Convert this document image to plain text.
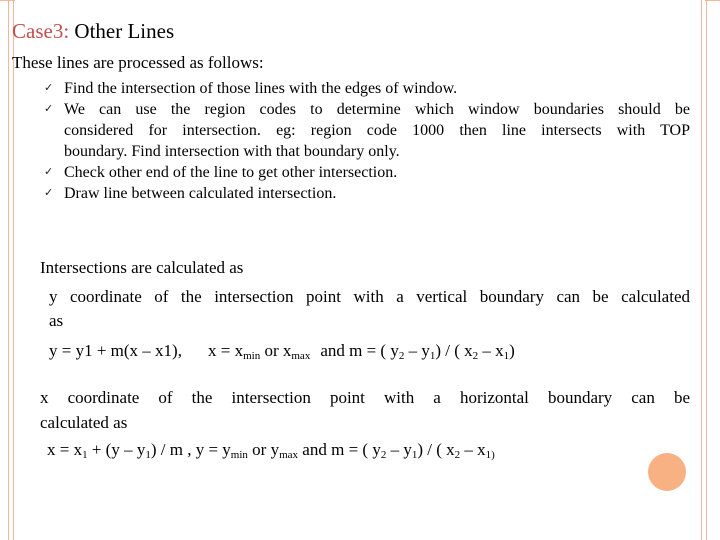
Case3: Other Lines
These lines are processed as follows:
✓ Find the intersection of those lines with the edges of window.
✓ We can use the region codes to determine which window boundaries should be
considered for intersection. eg: region code 1000 then line intersects with TOP
boundary. Find intersection with that boundary only.
✓ Check other end of the line to get other intersection.
✓ Draw line between calculated intersection.
Intersections are calculated as
y coordinate of the intersection point with a vertical boundary can be calculated
as
y = y1 + m(x – x1), $x = x_{min}$ or $x_{max}$ and m = ( $y_2 - y_1$) / ( $x_2 - x_1$)
x coordinate of the intersection point with a horizontal boundary can be
calculated as
$x = x_1 + (y - y_1) / m$ , $y = y_{min}$ or $y_{max}$ and m = ( $y_2 - y_1$) / ( $x_2 - x_{1)}$
